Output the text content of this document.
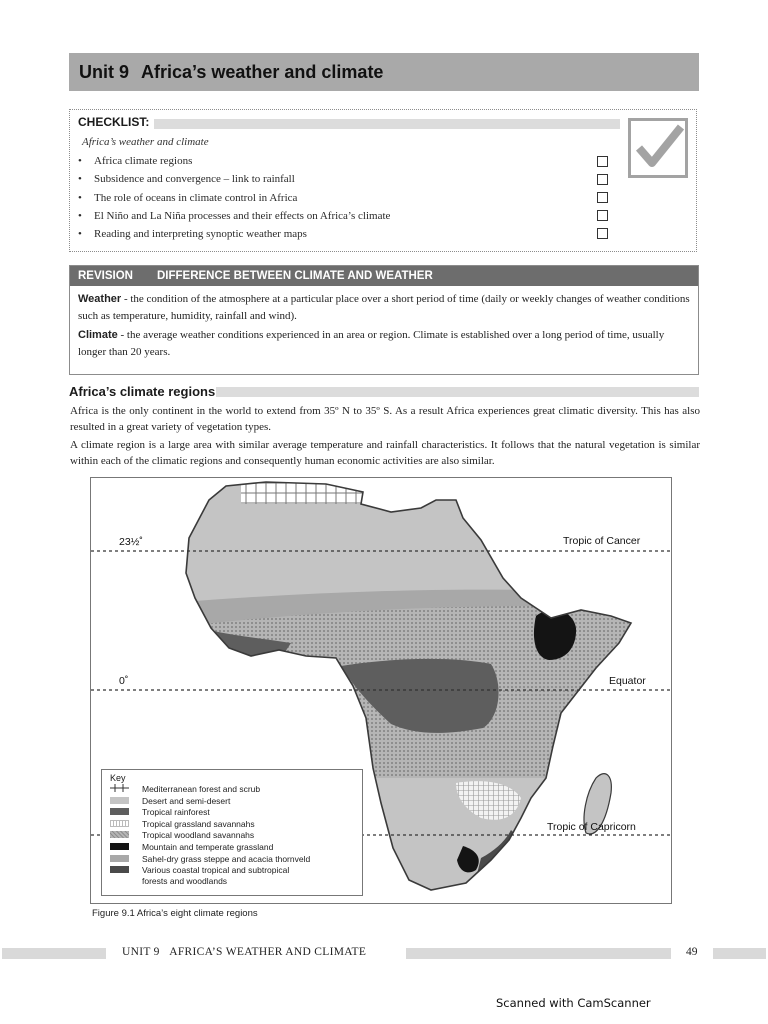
Unit 9 Africa’s weather and climate
CHECKLIST:
Africa’s weather and climate
•	Africa climate regions
•	Subsidence and convergence – link to rainfall
•	The role of oceans in climate control in Africa
•	El Niño and La Niña processes and their effects on Africa’s climate
•	Reading and interpreting synoptic weather maps
REVISION DIFFERENCE BETWEEN CLIMATE AND WEATHER
Weather - the condition of the atmosphere at a particular place over a short period of time (daily or weekly changes of weather conditions such as temperature, humidity, rainfall and wind).
Climate - the average weather conditions experienced in an area or region. Climate is established over a long period of time, usually longer than 20 years.
Africa’s climate regions
Africa is the only continent in the world to extend from 35º N to 35º S. As a result Africa experiences great climatic diversity. This has also resulted in a great variety of vegetation types.
A climate region is a large area with similar average temperature and rainfall characteristics. It follows that the natural vegetation is similar within each of the climatic regions and consequently human economic activities are also similar.
23½˚	Tropic of Cancer
0˚	Equator
Tropic of Capricorn
Key
Mediterranean forest and scrub
Desert and semi-desert
Tropical rainforest
Tropical grassland savannahs
Tropical woodland savannahs
Mountain and temperate grassland
Sahel-dry grass steppe and acacia thornveld
Various coastal tropical and subtropical forests and woodlands
Figure 9.1 Africa’s eight climate regions
UNIT 9 AFRICA’S WEATHER AND CLIMATE	49
Scanned with CamScanner
